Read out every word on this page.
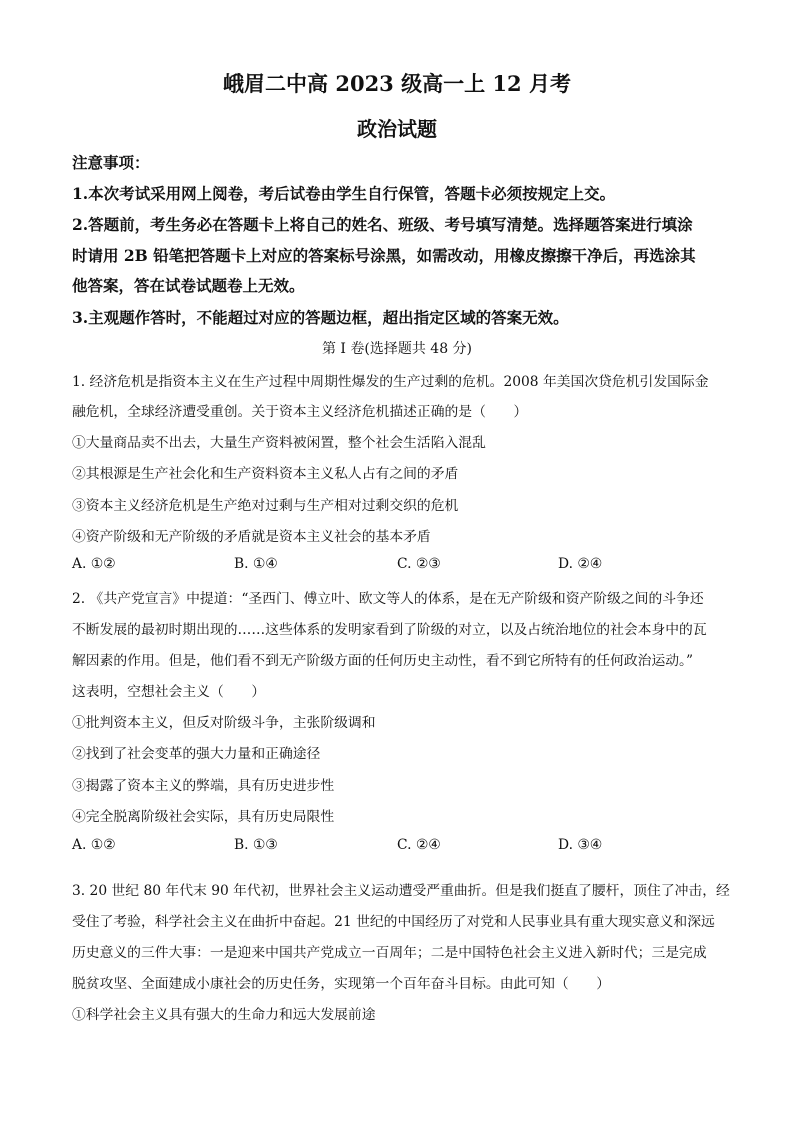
峨眉二中高 2023 级高一上 12 月考
政治试题
注意事项：
1.本次考试采用网上阅卷，考后试卷由学生自行保管，答题卡必须按规定上交。
2.答题前，考生务必在答题卡上将自己的姓名、班级、考号填写清楚。选择题答案进行填涂
时请用 2B 铅笔把答题卡上对应的答案标号涂黑，如需改动，用橡皮擦擦干净后，再选涂其
他答案，答在试卷试题卷上无效。
3.主观题作答时，不能超过对应的答题边框，超出指定区域的答案无效。
第 I 卷(选择题共 48 分)
1. 经济危机是指资本主义在生产过程中周期性爆发的生产过剩的危机。2008 年美国次贷危机引发国际金
融危机，全球经济遭受重创。关于资本主义经济危机描述正确的是（　　）
①大量商品卖不出去，大量生产资料被闲置，整个社会生活陷入混乱
②其根源是生产社会化和生产资料资本主义私人占有之间的矛盾
③资本主义经济危机是生产绝对过剩与生产相对过剩交织的危机
④资产阶级和无产阶级的矛盾就是资本主义社会的基本矛盾
A. ①②	B. ①④	C. ②③	D. ②④
2. 《共产党宣言》中提道：“圣西门、傅立叶、欧文等人的体系，是在无产阶级和资产阶级之间的斗争还
不断发展的最初时期出现的……这些体系的发明家看到了阶级的对立，以及占统治地位的社会本身中的瓦
解因素的作用。但是，他们看不到无产阶级方面的任何历史主动性，看不到它所特有的任何政治运动。”
这表明，空想社会主义（　　）
①批判资本主义，但反对阶级斗争，主张阶级调和
②找到了社会变革的强大力量和正确途径
③揭露了资本主义的弊端，具有历史进步性
④完全脱离阶级社会实际，具有历史局限性
A. ①②	B. ①③	C. ②④	D. ③④
3. 20 世纪 80 年代末 90 年代初，世界社会主义运动遭受严重曲折。但是我们挺直了腰杆，顶住了冲击，经
受住了考验，科学社会主义在曲折中奋起。21 世纪的中国经历了对党和人民事业具有重大现实意义和深远
历史意义的三件大事：一是迎来中国共产党成立一百周年；二是中国特色社会主义进入新时代；三是完成
脱贫攻坚、全面建成小康社会的历史任务，实现第一个百年奋斗目标。由此可知（　　）
①科学社会主义具有强大的生命力和远大发展前途
